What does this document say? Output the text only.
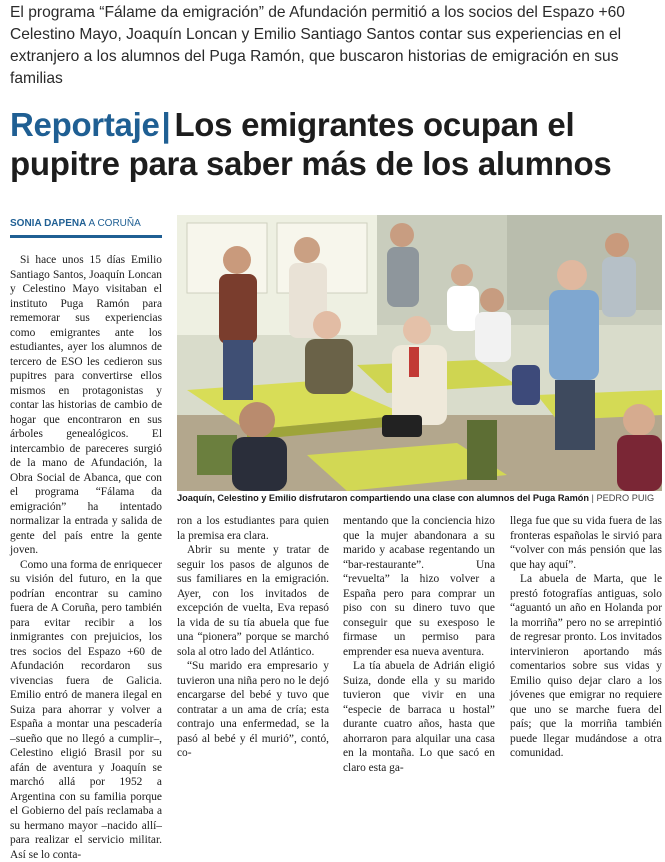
El programa “Fálame da emigración” de Afundación permitió a los socios del Espazo +60 Celestino Mayo, Joaquín Loncan y Emilio Santiago Santos contar sus experiencias en el extranjero a los alumnos del Puga Ramón, que buscaron historias de emigración en sus familias
Reportaje| Los emigrantes ocupan el pupitre para saber más de los alumnos
SONIA DAPENA A CORUÑA

Si hace unos 15 días Emilio Santiago Santos, Joaquín Loncan y Celestino Mayo visitaban el instituto Puga Ramón para rememorar sus experiencias como emigrantes ante los estudiantes, ayer los alumnos de tercero de ESO les cedieron sus pupitres para convertirse ellos mismos en protagonistas y contar las historias de cambio de hogar que encontraron en sus árboles genealógicos. El intercambio de pareceres surgió de la mano de Afundación, la Obra Social de Abanca, que con el programa “Fálama da emigración” ha intentado normalizar la entrada y salida de gente del país entre la gente joven.

Como una forma de enriquecer su visión del futuro, en la que podrían encontrar su camino fuera de A Coruña, pero también para evitar recibir a los inmigrantes con prejuicios, los tres socios del Espazo +60 de Afundación recordaron sus vivencias fuera de Galicia. Emilio entró de manera ilegal en Suiza para ahorrar y volver a España a montar una pescadería –sueño que no llegó a cumplir–, Celestino eligió Brasil por su afán de aventura y Joaquín se marchó allá por 1952 a Argentina con su familia porque el Gobierno del país reclamaba a su hermano mayor –nacido allí– para realizar el servicio militar. Así se lo conta-

Joaquín, Celestino y Emilio disfrutaron compartiendo una clase con alumnos del Puga Ramón | PEDRO PUIG

ron a los estudiantes para quien la premisa era clara.

Abrir su mente y tratar de seguir los pasos de algunos de sus familiares en la emigración. Ayer, con los invitados de excepción de vuelta, Eva repasó la vida de su tía abuela que fue una “pionera” porque se marchó sola al otro lado del Atlántico.

“Su marido era empresario y tuvieron una niña pero no le dejó encargarse del bebé y tuvo que contratar a un ama de cría; esta contrajo una enfermedad, se la pasó al bebé y él murió”, contó, co-

mentando que la conciencia hizo que la mujer abandonara a su marido y acabase regentando un “bar-restaurante”. Una “revuelta” la hizo volver a España pero para comprar un piso con su dinero tuvo que conseguir que su exesposo le firmase un permiso para emprender esa nueva aventura.

La tía abuela de Adrián eligió Suiza, donde ella y su marido tuvieron que vivir en una “especie de barraca u hostal” durante cuatro años, hasta que ahorraron para alquilar una casa en la montaña. Lo que sacó en claro esta ga-

llega fue que su vida fuera de las fronteras españolas le sirvió para “volver con más pensión que las que hay aquí”.

La abuela de Marta, que le prestó fotografías antiguas, solo “aguantó un año en Holanda por la morriña” pero no se arrepintió de regresar pronto. Los invitados intervinieron aportando más comentarios sobre sus vidas y Emilio quiso dejar claro a los jóvenes que emigrar no requiere que uno se marche fuera del país; que la morriña también puede llegar mudándose a otra comunidad.
